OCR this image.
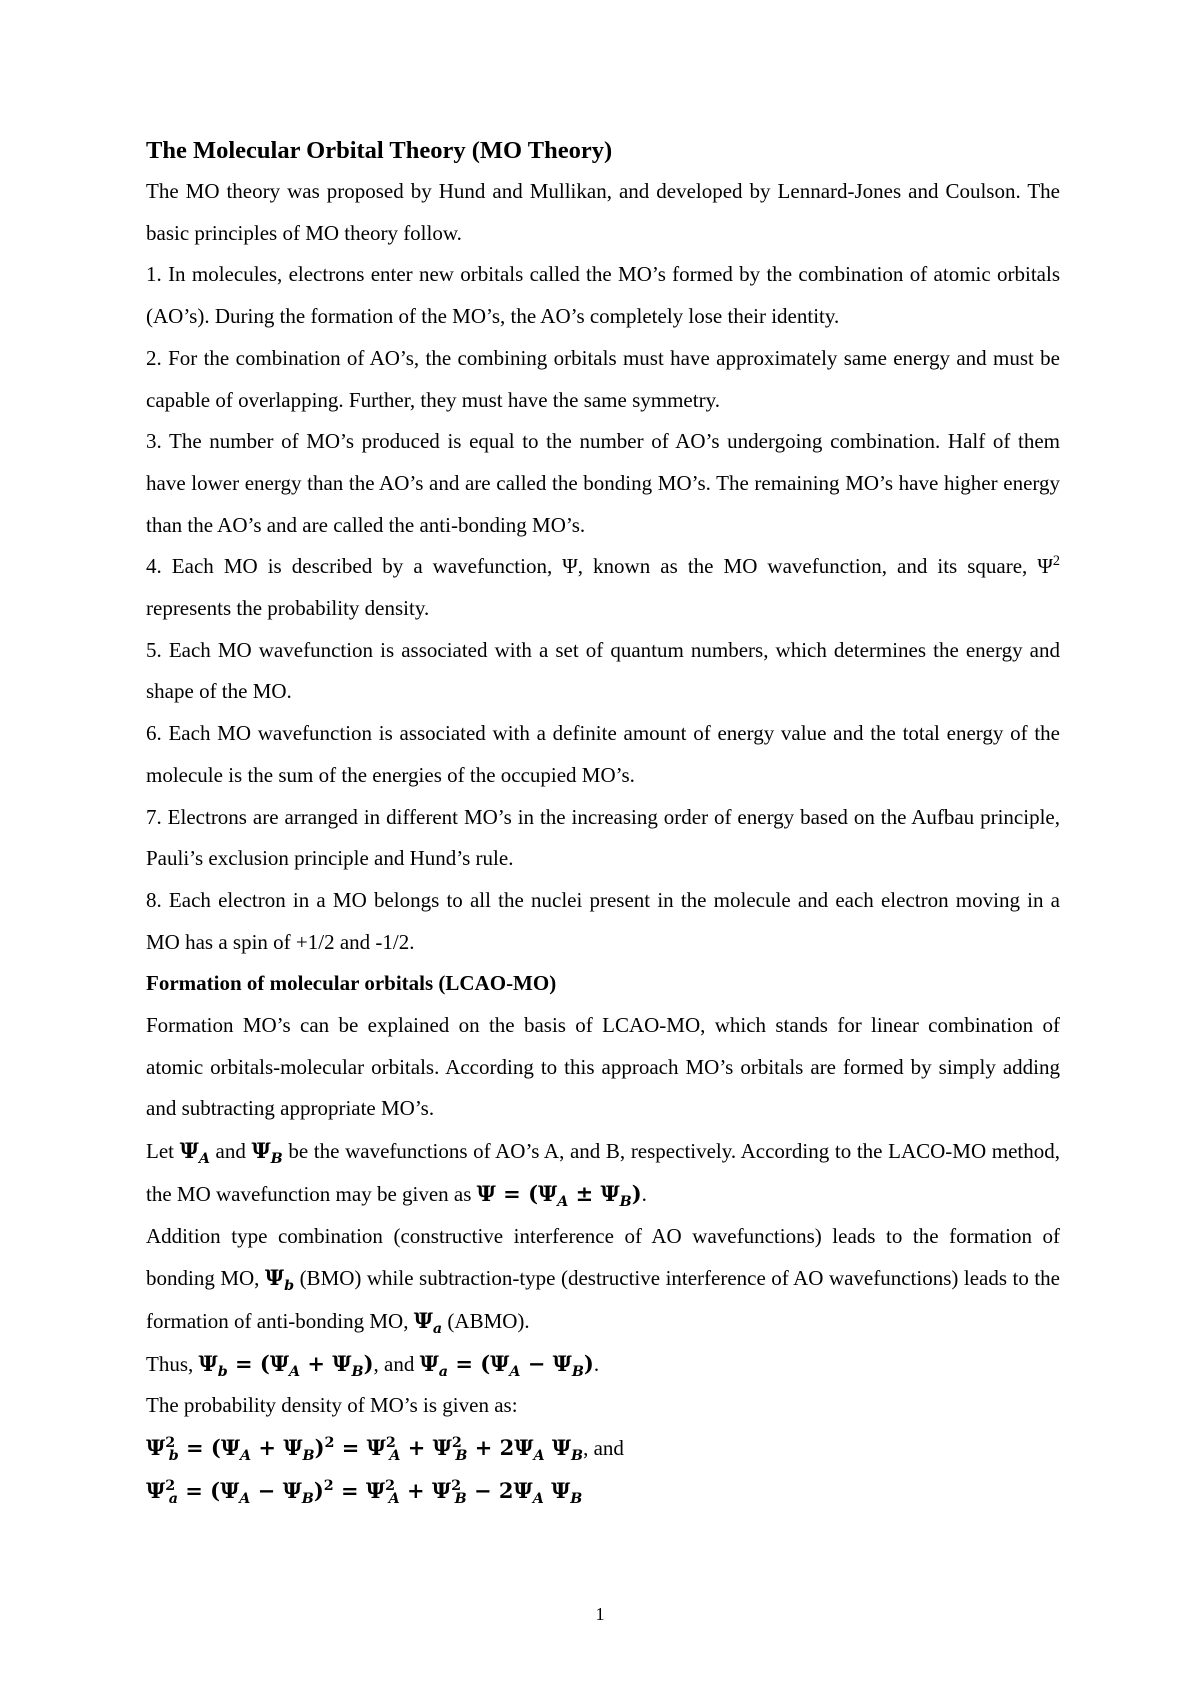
The Molecular Orbital Theory (MO Theory)

The MO theory was proposed by Hund and Mullikan, and developed by Lennard-Jones and Coulson. The basic principles of MO theory follow.

1. In molecules, electrons enter new orbitals called the MO’s formed by the combination of atomic orbitals (AO’s). During the formation of the MO’s, the AO’s completely lose their identity.

2. For the combination of AO’s, the combining orbitals must have approximately same energy and must be capable of overlapping. Further, they must have the same symmetry.

3. The number of MO’s produced is equal to the number of AO’s undergoing combination. Half of them have lower energy than the AO’s and are called the bonding MO’s. The remaining MO’s have higher energy than the AO’s and are called the anti-bonding MO’s.

4. Each MO is described by a wavefunction, Ψ, known as the MO wavefunction, and its square, $\Psi^2$ represents the probability density.

5. Each MO wavefunction is associated with a set of quantum numbers, which determines the energy and shape of the MO.

6. Each MO wavefunction is associated with a definite amount of energy value and the total energy of the molecule is the sum of the energies of the occupied MO’s.

7. Electrons are arranged in different MO’s in the increasing order of energy based on the Aufbau principle, Pauli’s exclusion principle and Hund’s rule.

8. Each electron in a MO belongs to all the nuclei present in the molecule and each electron moving in a MO has a spin of +1/2 and -1/2.

Formation of molecular orbitals (LCAO-MO)

Formation MO’s can be explained on the basis of LCAO-MO, which stands for linear combination of atomic orbitals-molecular orbitals. According to this approach MO’s orbitals are formed by simply adding and subtracting appropriate MO’s.

Let $\Psi_A$ and $\Psi_B$ be the wavefunctions of AO’s A, and B, respectively. According to the LACO-MO method, the MO wavefunction may be given as $\Psi = (\Psi_A \pm \Psi_B)$.

Addition type combination (constructive interference of AO wavefunctions) leads to the formation of bonding MO, $\Psi_b$ (BMO) while subtraction-type (destructive interference of AO wavefunctions) leads to the formation of anti-bonding MO, $\Psi_a$ (ABMO).

Thus, $\Psi_b = (\Psi_A + \Psi_B)$, and $\Psi_a = (\Psi_A - \Psi_B)$.

The probability density of MO’s is given as:

$\Psi^2_b = (\Psi_A + \Psi_B)^2 = \Psi^2_A + \Psi^2_B + 2\Psi_A$ $\Psi_B$, and

$\Psi^2_a = (\Psi_A - \Psi_B)^2 = \Psi^2_A + \Psi^2_B - 2\Psi_A$ $\Psi_B$

1
